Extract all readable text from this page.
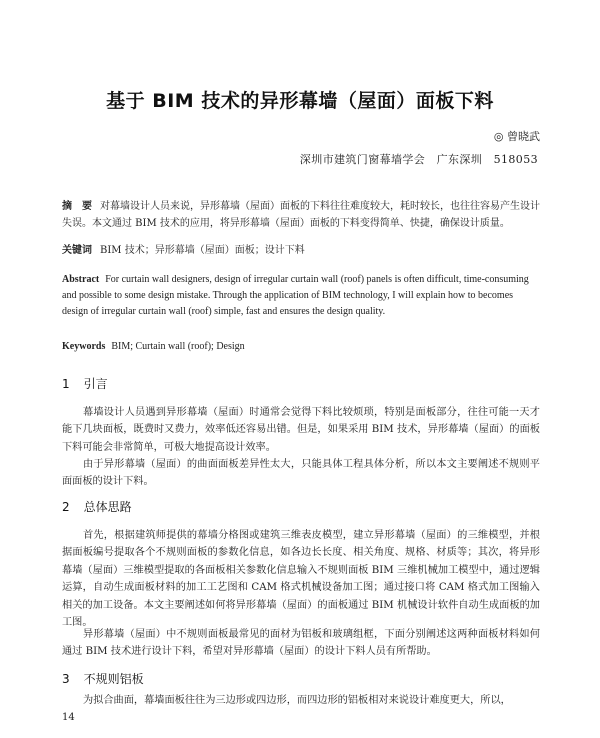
基于 BIM 技术的异形幕墙（屋面）面板下料
◎ 曾晓武
深圳市建筑门窗幕墙学会　广东深圳　518053
摘　要 对幕墙设计人员来说，异形幕墙（屋面）面板的下料往往难度较大，耗时较长，也往往容易产生设计失误。本文通过 BIM 技术的应用，将异形幕墙（屋面）面板的下料变得简单、快捷，确保设计质量。
关键词 BIM 技术；异形幕墙（屋面）面板；设计下料
Abstract For curtain wall designers, design of irregular curtain wall (roof) panels is often difficult, time-consuming and possible to some design mistake. Through the application of BIM technology, I will explain how to becomes design of irregular curtain wall (roof) simple, fast and ensures the design quality.
Keywords BIM; Curtain wall (roof); Design
1 引言
幕墙设计人员遇到异形幕墙（屋面）时通常会觉得下料比较烦琐，特别是面板部分，往往可能一天才能下几块面板，既费时又费力，效率低还容易出错。但是，如果采用 BIM 技术，异形幕墙（屋面）的面板下料可能会非常简单，可极大地提高设计效率。
由于异形幕墙（屋面）的曲面面板差异性太大，只能具体工程具体分析，所以本文主要阐述不规则平面面板的设计下料。
2 总体思路
首先，根据建筑师提供的幕墙分格图或建筑三维表皮模型，建立异形幕墙（屋面）的三维模型，并根据面板编号提取各个不规则面板的参数化信息，如各边长长度、相关角度、规格、材质等；其次，将异形幕墙（屋面）三维模型提取的各面板相关参数化信息输入不规则面板 BIM 三维机械加工模型中，通过逻辑运算，自动生成面板材料的加工工艺图和 CAM 格式机械设备加工图；通过接口将 CAM 格式加工图输入相关的加工设备。本文主要阐述如何将异形幕墙（屋面）的面板通过 BIM 机械设计软件自动生成面板的加工图。
异形幕墙（屋面）中不规则面板最常见的面材为铝板和玻璃组框，下面分别阐述这两种面板材料如何通过 BIM 技术进行设计下料，希望对异形幕墙（屋面）的设计下料人员有所帮助。
3 不规则铝板
为拟合曲面，幕墙面板往往为三边形或四边形，而四边形的铝板相对来说设计难度更大，所以，
14
